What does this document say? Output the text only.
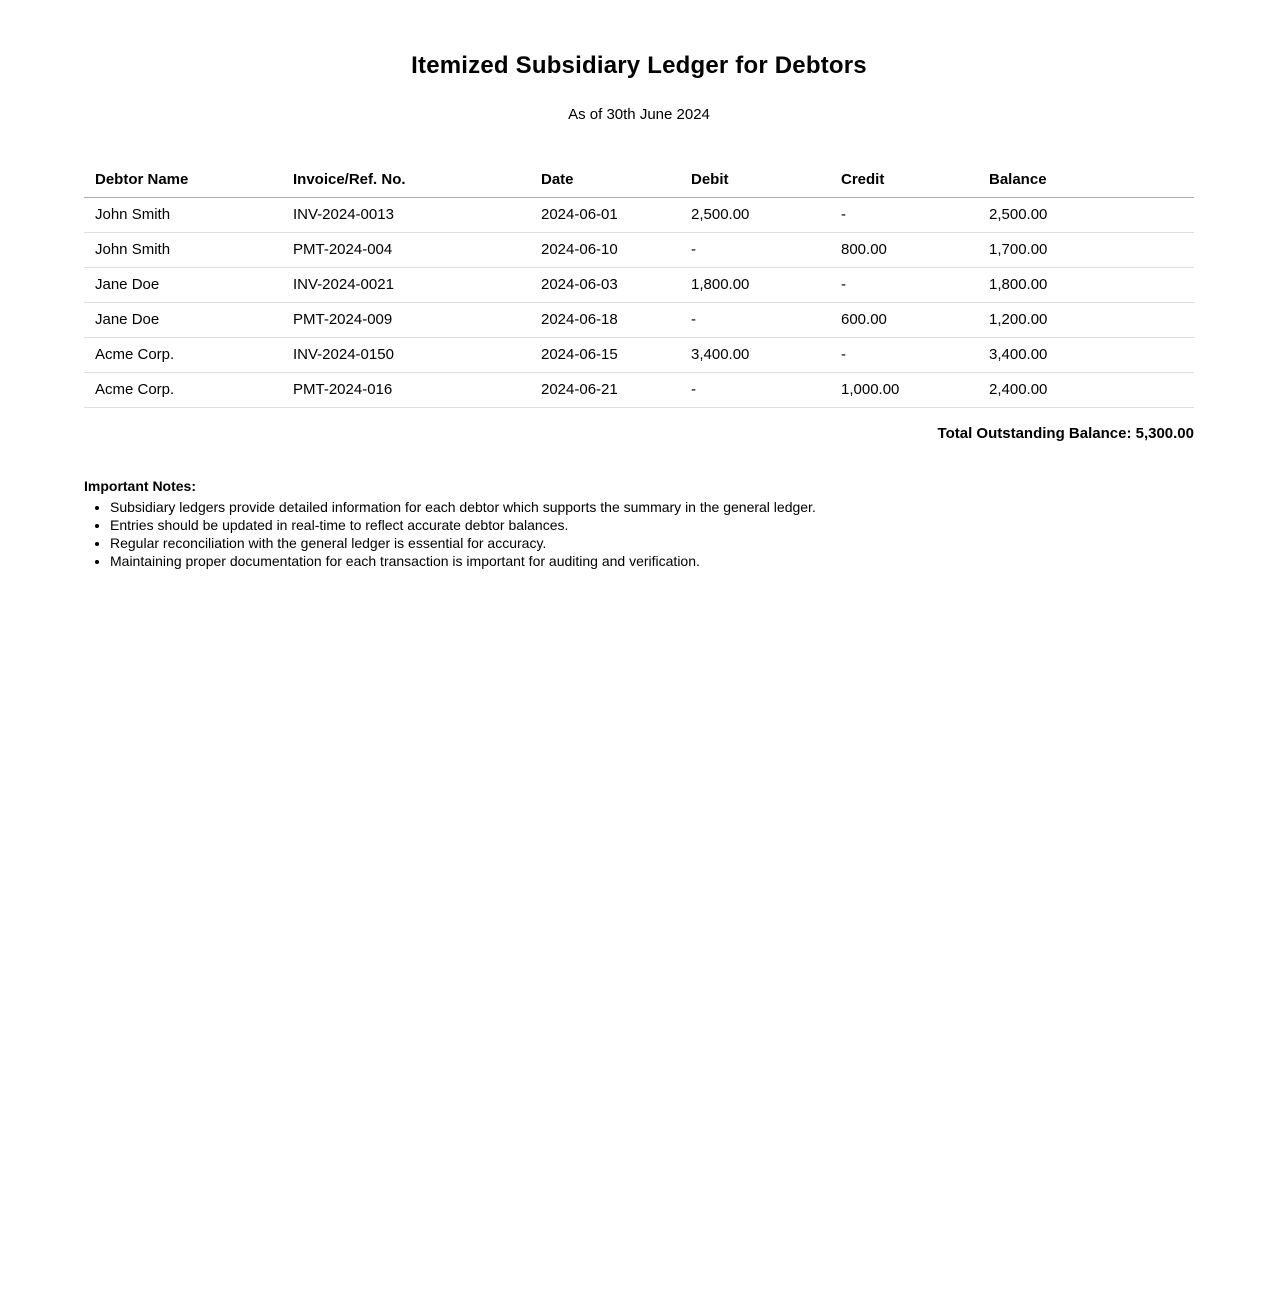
Itemized Subsidiary Ledger for Debtors
As of 30th June 2024
Debtor Name	Invoice/Ref. No.	Date	Debit	Credit	Balance
John Smith	INV-2024-0013	2024-06-01	2,500.00	-	2,500.00
John Smith	PMT-2024-004	2024-06-10	-	800.00	1,700.00
Jane Doe	INV-2024-0021	2024-06-03	1,800.00	-	1,800.00
Jane Doe	PMT-2024-009	2024-06-18	-	600.00	1,200.00
Acme Corp.	INV-2024-0150	2024-06-15	3,400.00	-	3,400.00
Acme Corp.	PMT-2024-016	2024-06-21	-	1,000.00	2,400.00
Total Outstanding Balance: 5,300.00
Important Notes:
• Subsidiary ledgers provide detailed information for each debtor which supports the summary in the general ledger.
• Entries should be updated in real-time to reflect accurate debtor balances.
• Regular reconciliation with the general ledger is essential for accuracy.
• Maintaining proper documentation for each transaction is important for auditing and verification.
